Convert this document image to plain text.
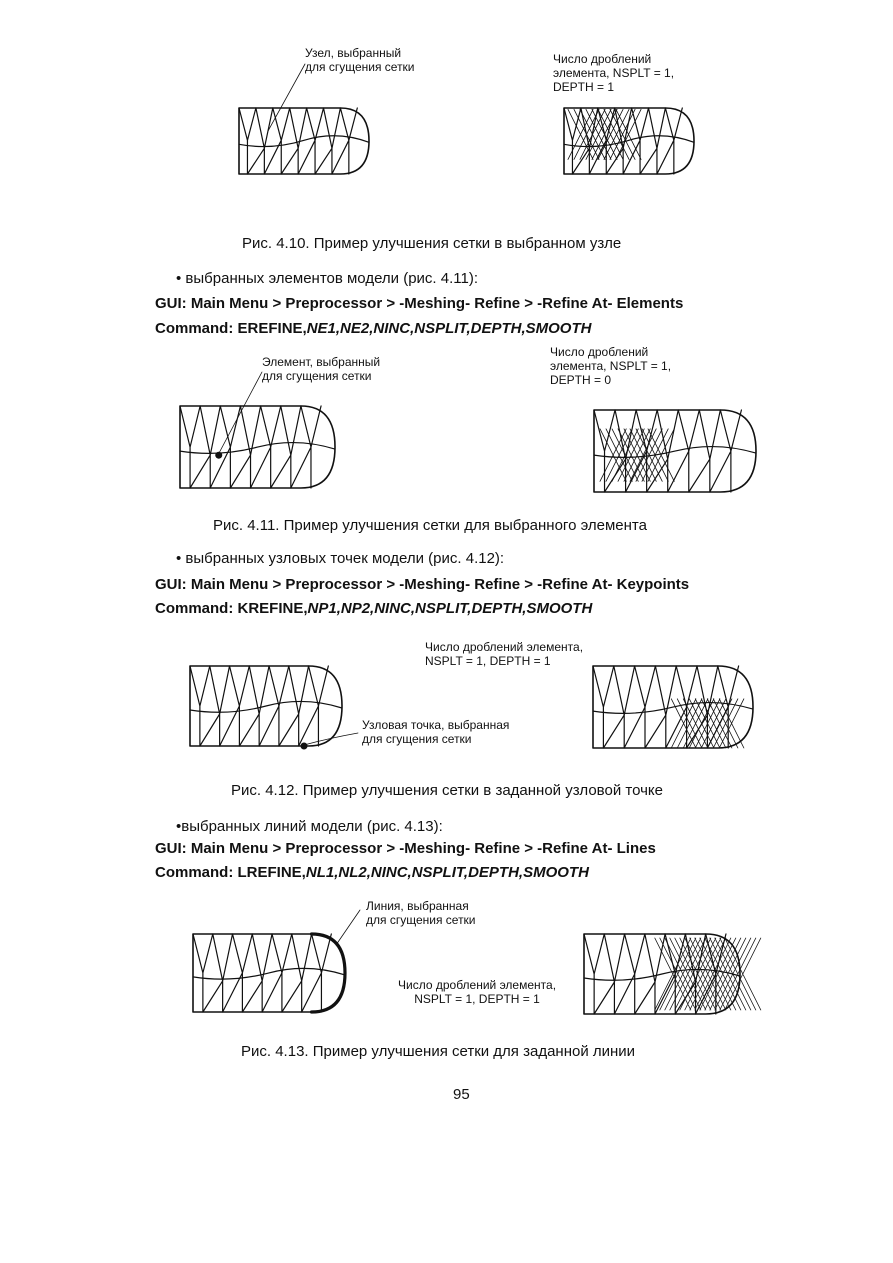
Узел, выбранный
для сгущения сетки
Число дроблений
элемента, NSPLT = 1,
DEPTH = 1
Рис. 4.10. Пример улучшения сетки в выбранном узле
• выбранных элементов модели (рис. 4.11):
GUI: Main Menu > Preprocessor > -Meshing- Refine > -Refine At- Elements
Command: EREFINE,NE1,NE2,NINC,NSPLIT,DEPTH,SMOOTH
Элемент, выбранный
для сгущения сетки
Число дроблений
элемента, NSPLT = 1,
DEPTH = 0
Рис. 4.11. Пример улучшения сетки для выбранного элемента
• выбранных узловых точек модели (рис. 4.12):
GUI: Main Menu > Preprocessor > -Meshing- Refine > -Refine At- Keypoints
Command: KREFINE,NP1,NP2,NINC,NSPLIT,DEPTH,SMOOTH
Число дроблений элемента,
NSPLT = 1, DEPTH = 1
Узловая точка, выбранная
для сгущения сетки
Рис. 4.12. Пример улучшения сетки в заданной узловой точке
•выбранных линий модели (рис. 4.13):
GUI: Main Menu > Preprocessor > -Meshing- Refine > -Refine At- Lines
Command: LREFINE,NL1,NL2,NINC,NSPLIT,DEPTH,SMOOTH
Линия, выбранная
для сгущения сетки
Число дроблений элемента,
NSPLT = 1, DEPTH = 1
Рис. 4.13. Пример улучшения сетки для заданной линии
95
